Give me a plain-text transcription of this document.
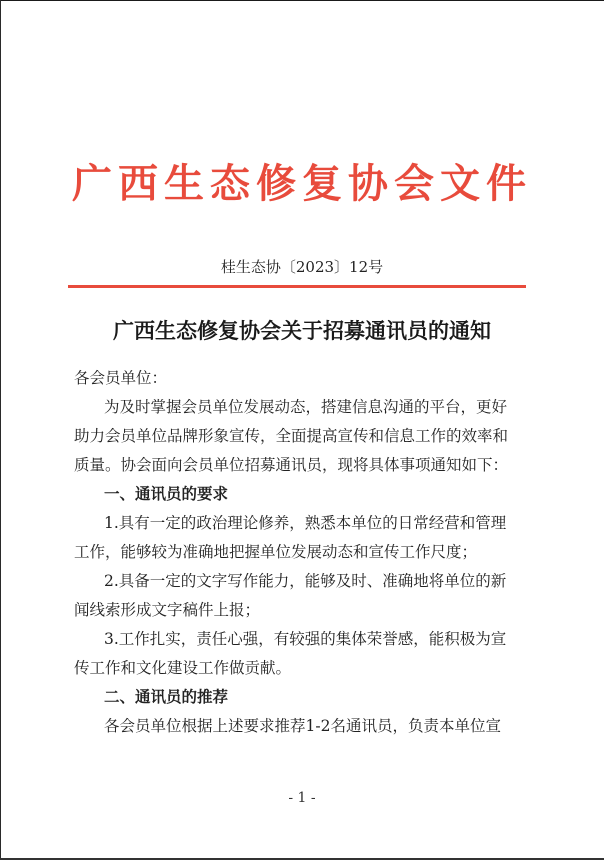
广西生态修复协会文件
桂生态协〔2023〕12号
广西生态修复协会关于招募通讯员的通知
各会员单位：
为及时掌握会员单位发展动态，搭建信息沟通的平台，更好
助力会员单位品牌形象宣传，全面提高宣传和信息工作的效率和
质量。协会面向会员单位招募通讯员，现将具体事项通知如下：
一、通讯员的要求
1.具有一定的政治理论修养，熟悉本单位的日常经营和管理
工作，能够较为准确地把握单位发展动态和宣传工作尺度；
2.具备一定的文字写作能力，能够及时、准确地将单位的新
闻线索形成文字稿件上报；
3.工作扎实，责任心强，有较强的集体荣誉感，能积极为宣
传工作和文化建设工作做贡献。
二、通讯员的推荐
各会员单位根据上述要求推荐1-2名通讯员，负责本单位宣
- 1 -
